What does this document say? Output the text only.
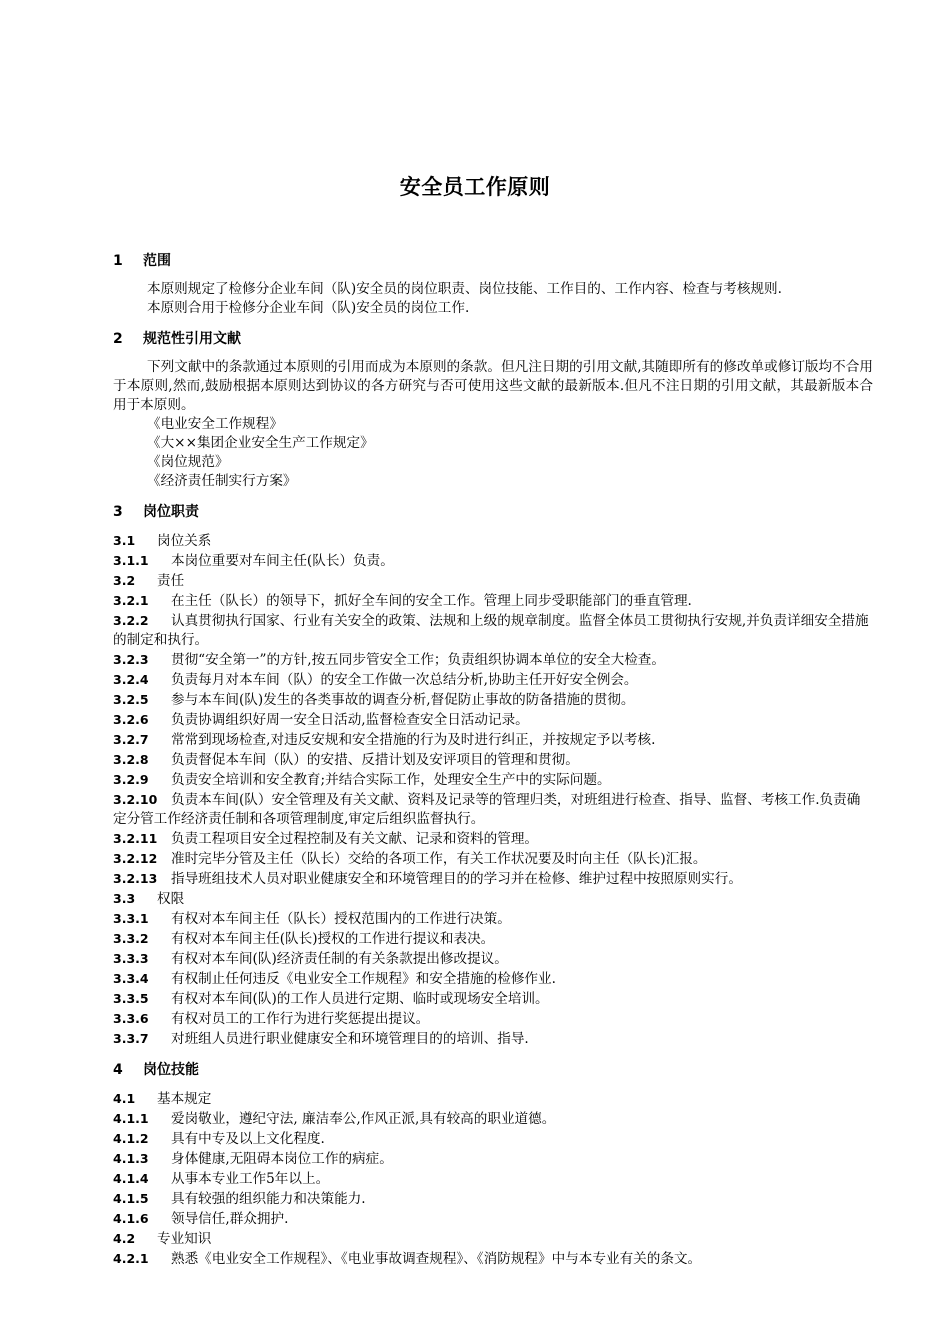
安全员工作原则
1 范围

本原则规定了检修分企业车间（队)安全员的岗位职责、岗位技能、工作目的、工作内容、检查与考核规则.

本原则合用于检修分企业车间（队)安全员的岗位工作.

2 规范性引用文献

下列文献中的条款通过本原则的引用而成为本原则的条款。但凡注日期的引用文献,其随即所有的修改单或修订版均不合用于本原则,然而,鼓励根据本原则达到协议的各方研究与否可使用这些文献的最新版本.但凡不注日期的引用文献，其最新版本合用于本原则。

《电业安全工作规程》

《大××集团企业安全生产工作规定》

《岗位规范》

《经济责任制实行方案》

3 岗位职责

3.1 岗位关系

3.1.1 本岗位重要对车间主任(队长）负责。

3.2 责任

3.2.1 在主任（队长）的领导下，抓好全车间的安全工作。管理上同步受职能部门的垂直管理.

3.2.2 认真贯彻执行国家、行业有关安全的政策、法规和上级的规章制度。监督全体员工贯彻执行安规,并负责详细安全措施的制定和执行。

3.2.3 贯彻“安全第一”的方针,按五同步管安全工作；负责组织协调本单位的安全大检查。

3.2.4 负责每月对本车间（队）的安全工作做一次总结分析,协助主任开好安全例会。

3.2.5 参与本车间(队)发生的各类事故的调查分析,督促防止事故的防备措施的贯彻。

3.2.6 负责协调组织好周一安全日活动,监督检查安全日活动记录。

3.2.7 常常到现场检查,对违反安规和安全措施的行为及时进行纠正，并按规定予以考核.

3.2.8 负责督促本车间（队）的安措、反措计划及安评项目的管理和贯彻。

3.2.9 负责安全培训和安全教育;并结合实际工作，处理安全生产中的实际问题。

3.2.10 负责本车间(队）安全管理及有关文献、资料及记录等的管理归类，对班组进行检查、指导、监督、考核工作.负责确定分管工作经济责任制和各项管理制度,审定后组织监督执行。

3.2.11 负责工程项目安全过程控制及有关文献、记录和资料的管理。

3.2.12 准时完毕分管及主任（队长）交给的各项工作，有关工作状况要及时向主任（队长)汇报。

3.2.13 指导班组技术人员对职业健康安全和环境管理目的的学习并在检修、维护过程中按照原则实行。

3.3 权限

3.3.1 有权对本车间主任（队长）授权范围内的工作进行决策。

3.3.2 有权对本车间主任(队长)授权的工作进行提议和表决。

3.3.3 有权对本车间(队)经济责任制的有关条款提出修改提议。

3.3.4 有权制止任何违反《电业安全工作规程》和安全措施的检修作业.

3.3.5 有权对本车间(队)的工作人员进行定期、临时或现场安全培训。

3.3.6 有权对员工的工作行为进行奖惩提出提议。

3.3.7 对班组人员进行职业健康安全和环境管理目的的培训、指导.

4 岗位技能

4.1 基本规定

4.1.1 爱岗敬业，遵纪守法, 廉洁奉公,作风正派,具有较高的职业道德。

4.1.2 具有中专及以上文化程度.

4.1.3 身体健康,无阻碍本岗位工作的病症。

4.1.4 从事本专业工作5年以上。

4.1.5 具有较强的组织能力和决策能力.

4.1.6 领导信任,群众拥护.

4.2 专业知识

4.2.1 熟悉《电业安全工作规程》、《电业事故调查规程》、《消防规程》中与本专业有关的条文。
